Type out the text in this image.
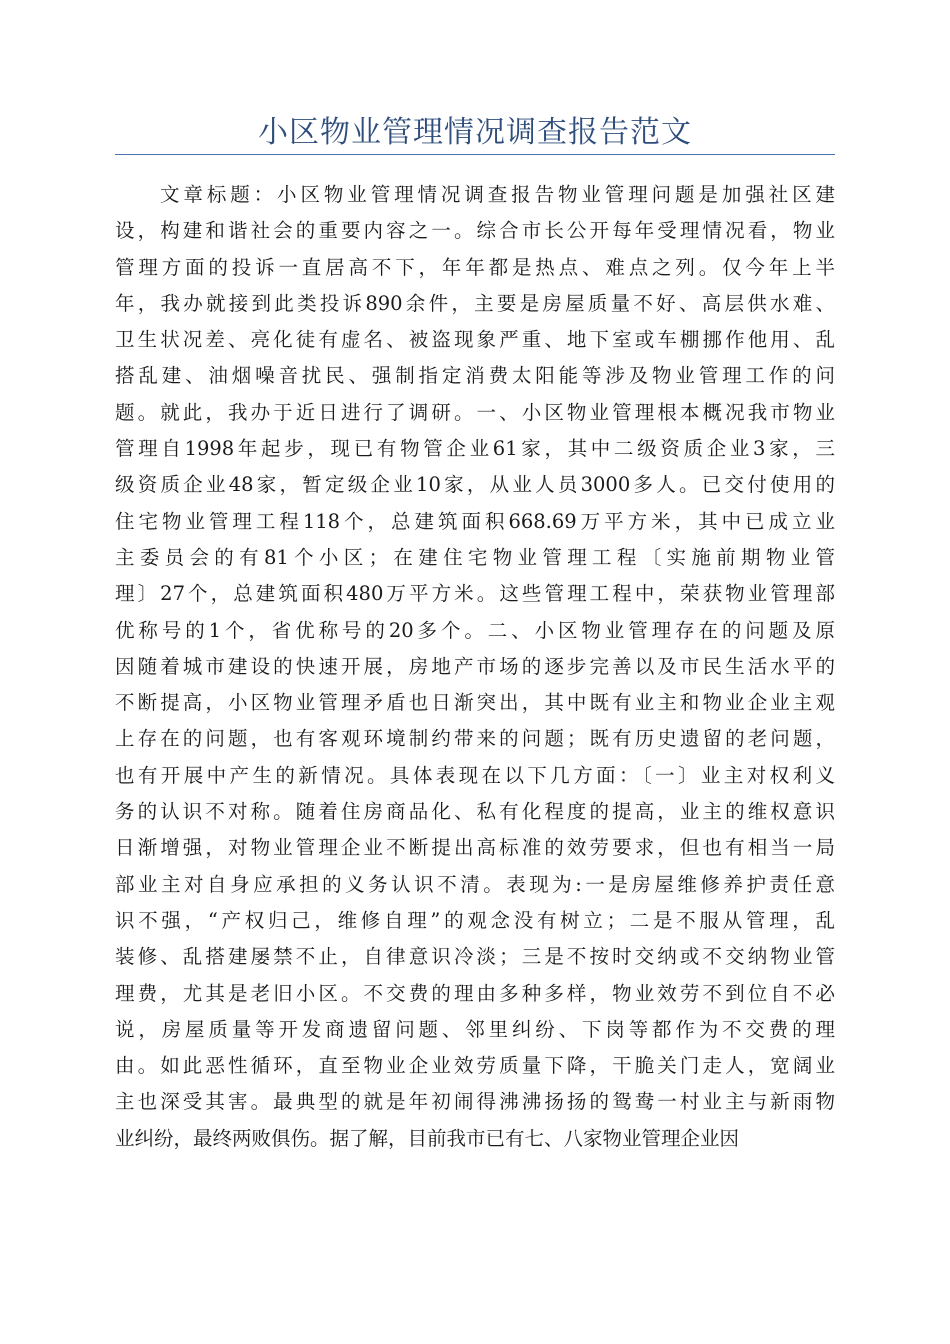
小区物业管理情况调查报告范文
文章标题：小区物业管理情况调查报告物业管理问题是加强社区建
设，构建和谐社会的重要内容之一。综合市长公开每年受理情况看，物业
管理方面的投诉一直居高不下，年年都是热点、难点之列。仅今年上半
年，我办就接到此类投诉890余件，主要是房屋质量不好、高层供水难、
卫生状况差、亮化徒有虚名、被盗现象严重、地下室或车棚挪作他用、乱
搭乱建、油烟噪音扰民、强制指定消费太阳能等涉及物业管理工作的问
题。就此，我办于近日进行了调研。一、小区物业管理根本概况我市物业
管理自1998年起步，现已有物管企业61家，其中二级资质企业3家，三
级资质企业48家，暂定级企业10家，从业人员3000多人。已交付使用的
住宅物业管理工程118个，总建筑面积668.69万平方米，其中已成立业
主委员会的有81个小区；在建住宅物业管理工程〔实施前期物业管
理〕27个，总建筑面积480万平方米。这些管理工程中，荣获物业管理部
优称号的1个，省优称号的20多个。二、小区物业管理存在的问题及原
因随着城市建设的快速开展，房地产市场的逐步完善以及市民生活水平的
不断提高，小区物业管理矛盾也日渐突出，其中既有业主和物业企业主观
上存在的问题，也有客观环境制约带来的问题；既有历史遗留的老问题，
也有开展中产生的新情况。具体表现在以下几方面：〔一〕业主对权利义
务的认识不对称。随着住房商品化、私有化程度的提高，业主的维权意识
日渐增强，对物业管理企业不断提出高标准的效劳要求，但也有相当一局
部业主对自身应承担的义务认识不清。表现为:一是房屋维修养护责任意
识不强，“产权归己，维修自理”的观念没有树立；二是不服从管理，乱
装修、乱搭建屡禁不止，自律意识冷淡；三是不按时交纳或不交纳物业管
理费，尤其是老旧小区。不交费的理由多种多样，物业效劳不到位自不必
说，房屋质量等开发商遗留问题、邻里纠纷、下岗等都作为不交费的理
由。如此恶性循环，直至物业企业效劳质量下降，干脆关门走人，宽阔业
主也深受其害。最典型的就是年初闹得沸沸扬扬的鸳鸯一村业主与新雨物
业纠纷，最终两败俱伤。据了解，目前我市已有七、八家物业管理企业因
